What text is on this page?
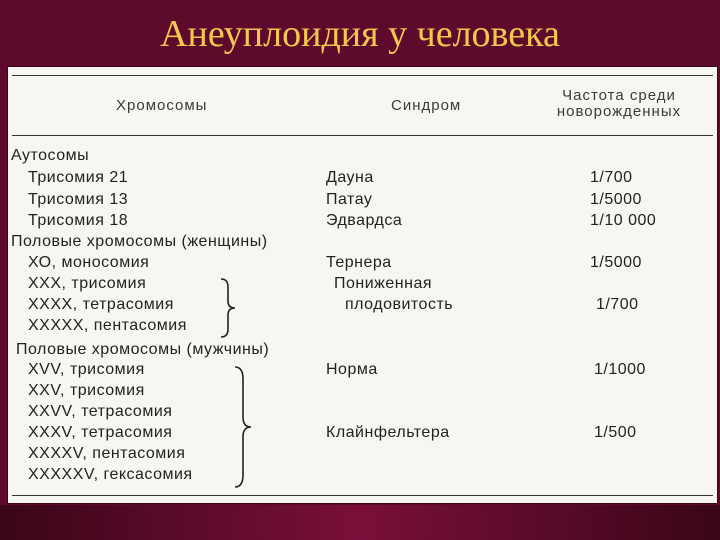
Анеуплоидия у человека
Хромосомы	Синдром
Частота среди
новорожденных
Аутосомы
Трисомия 21	Дауна	1/700
Трисомия 13	Патау	1/5000
Трисомия 18	Эдвардса	1/10 000
Половые хромосомы (женщины)
ХО, моносомия	Тернера	1/5000
XXX, трисомия	Пониженная
XXXX, тетрасомия	плодовитость	1/700
XXXXX, пентасомия
Половые хромосомы (мужчины)
XVV, трисомия	Норма	1/1000
XXV, трисомия
XXVV, тетрасомия
XXXV, тетрасомия	Клайнфельтера	1/500
XXXXV, пентасомия
XXXXXV, гексасомия
